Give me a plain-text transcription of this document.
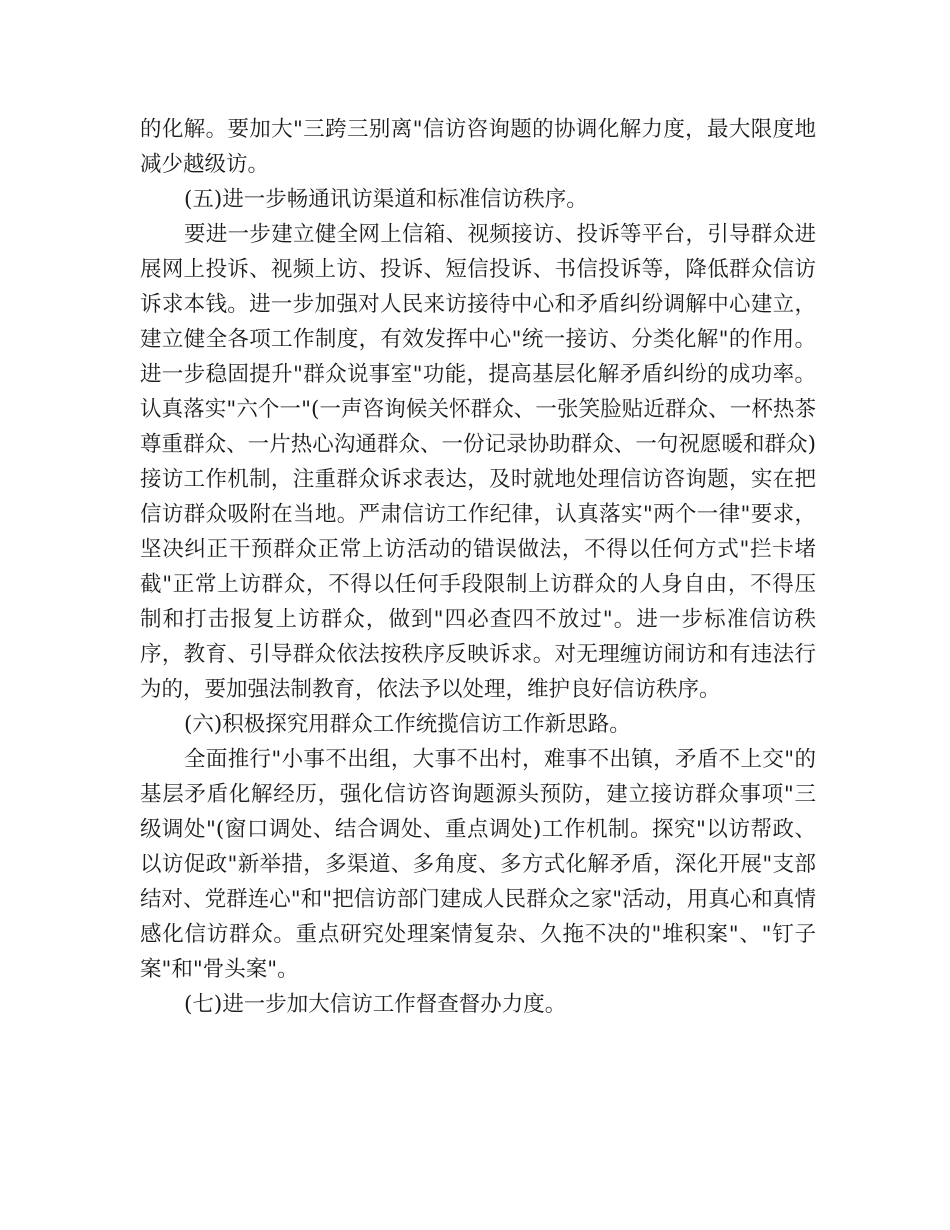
的化解。要加大"三跨三别离"信访咨询题的协调化解力度，最大限度地减少越级访。

(五)进一步畅通讯访渠道和标准信访秩序。

要进一步建立健全网上信箱、视频接访、投诉等平台，引导群众进展网上投诉、视频上访、投诉、短信投诉、书信投诉等，降低群众信访诉求本钱。进一步加强对人民来访接待中心和矛盾纠纷调解中心建立，建立健全各项工作制度，有效发挥中心"统一接访、分类化解"的作用。进一步稳固提升"群众说事室"功能，提高基层化解矛盾纠纷的成功率。认真落实"六个一"(一声咨询候关怀群众、一张笑脸贴近群众、一杯热茶尊重群众、一片热心沟通群众、一份记录协助群众、一句祝愿暖和群众)接访工作机制，注重群众诉求表达，及时就地处理信访咨询题，实在把信访群众吸附在当地。严肃信访工作纪律，认真落实"两个一律"要求，坚决纠正干预群众正常上访活动的错误做法，不得以任何方式"拦卡堵截"正常上访群众，不得以任何手段限制上访群众的人身自由，不得压制和打击报复上访群众，做到"四必查四不放过"。进一步标准信访秩序，教育、引导群众依法按秩序反映诉求。对无理缠访闹访和有违法行为的，要加强法制教育，依法予以处理，维护良好信访秩序。

(六)积极探究用群众工作统揽信访工作新思路。

全面推行"小事不出组，大事不出村，难事不出镇，矛盾不上交"的基层矛盾化解经历，强化信访咨询题源头预防，建立接访群众事项"三级调处"(窗口调处、结合调处、重点调处)工作机制。探究"以访帮政、以访促政"新举措，多渠道、多角度、多方式化解矛盾，深化开展"支部结对、党群连心"和"把信访部门建成人民群众之家"活动，用真心和真情感化信访群众。重点研究处理案情复杂、久拖不决的"堆积案"、"钉子案"和"骨头案"。

(七)进一步加大信访工作督查督办力度。
